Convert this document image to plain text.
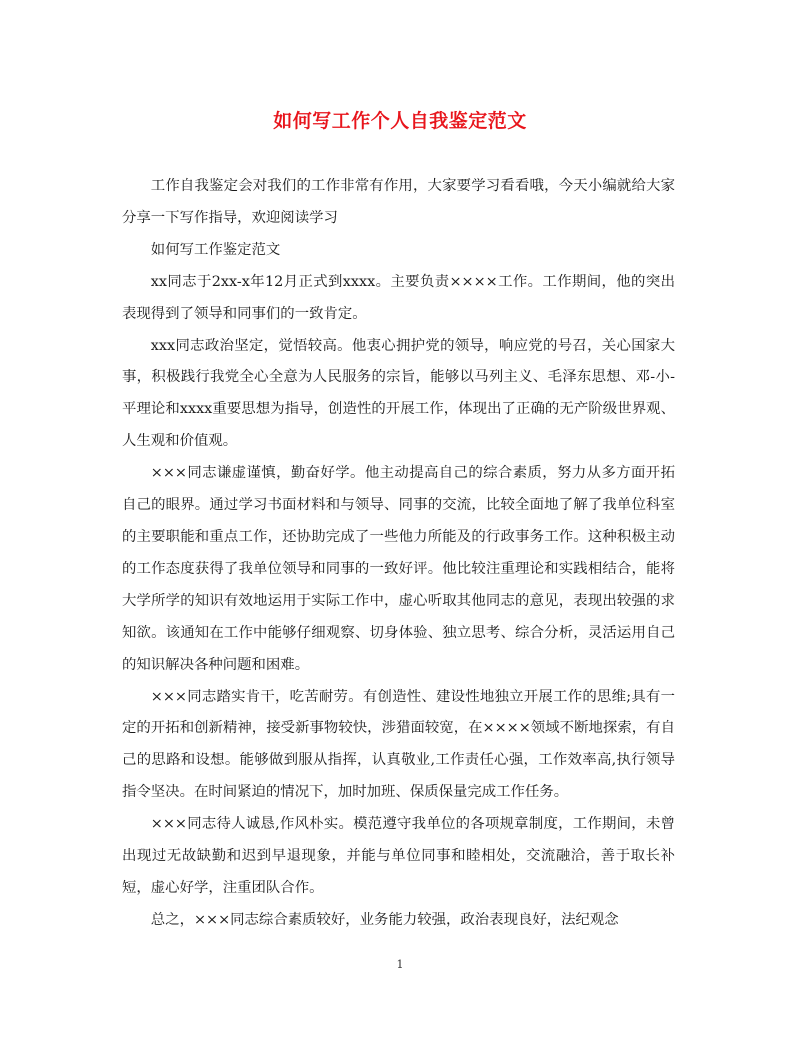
如何写工作个人自我鉴定范文

工作自我鉴定会对我们的工作非常有作用，大家要学习看看哦，今天小编就给大家分享一下写作指导，欢迎阅读学习

如何写工作鉴定范文

xx同志于2xx-x年12月正式到xxxx。主要负责××××工作。工作期间，他的突出表现得到了领导和同事们的一致肯定。

xxx同志政治坚定，觉悟较高。他衷心拥护党的领导，响应党的号召，关心国家大事，积极践行我党全心全意为人民服务的宗旨，能够以马列主义、毛泽东思想、邓-小-平理论和xxxx重要思想为指导，创造性的开展工作，体现出了正确的无产阶级世界观、人生观和价值观。

×××同志谦虚谨慎，勤奋好学。他主动提高自己的综合素质，努力从多方面开拓自己的眼界。通过学习书面材料和与领导、同事的交流，比较全面地了解了我单位科室的主要职能和重点工作，还协助完成了一些他力所能及的行政事务工作。这种积极主动的工作态度获得了我单位领导和同事的一致好评。他比较注重理论和实践相结合，能将大学所学的知识有效地运用于实际工作中，虚心听取其他同志的意见，表现出较强的求知欲。该通知在工作中能够仔细观察、切身体验、独立思考、综合分析，灵活运用自己的知识解决各种问题和困难。

×××同志踏实肯干，吃苦耐劳。有创造性、建设性地独立开展工作的思维;具有一定的开拓和创新精神，接受新事物较快，涉猎面较宽，在××××领域不断地探索，有自己的思路和设想。能够做到服从指挥，认真敬业,工作责任心强，工作效率高,执行领导指令坚决。在时间紧迫的情况下，加时加班、保质保量完成工作任务。

×××同志待人诚恳,作风朴实。模范遵守我单位的各项规章制度，工作期间，未曾出现过无故缺勤和迟到早退现象，并能与单位同事和睦相处，交流融洽，善于取长补短，虚心好学，注重团队合作。

总之，×××同志综合素质较好，业务能力较强，政治表现良好，法纪观念

1
